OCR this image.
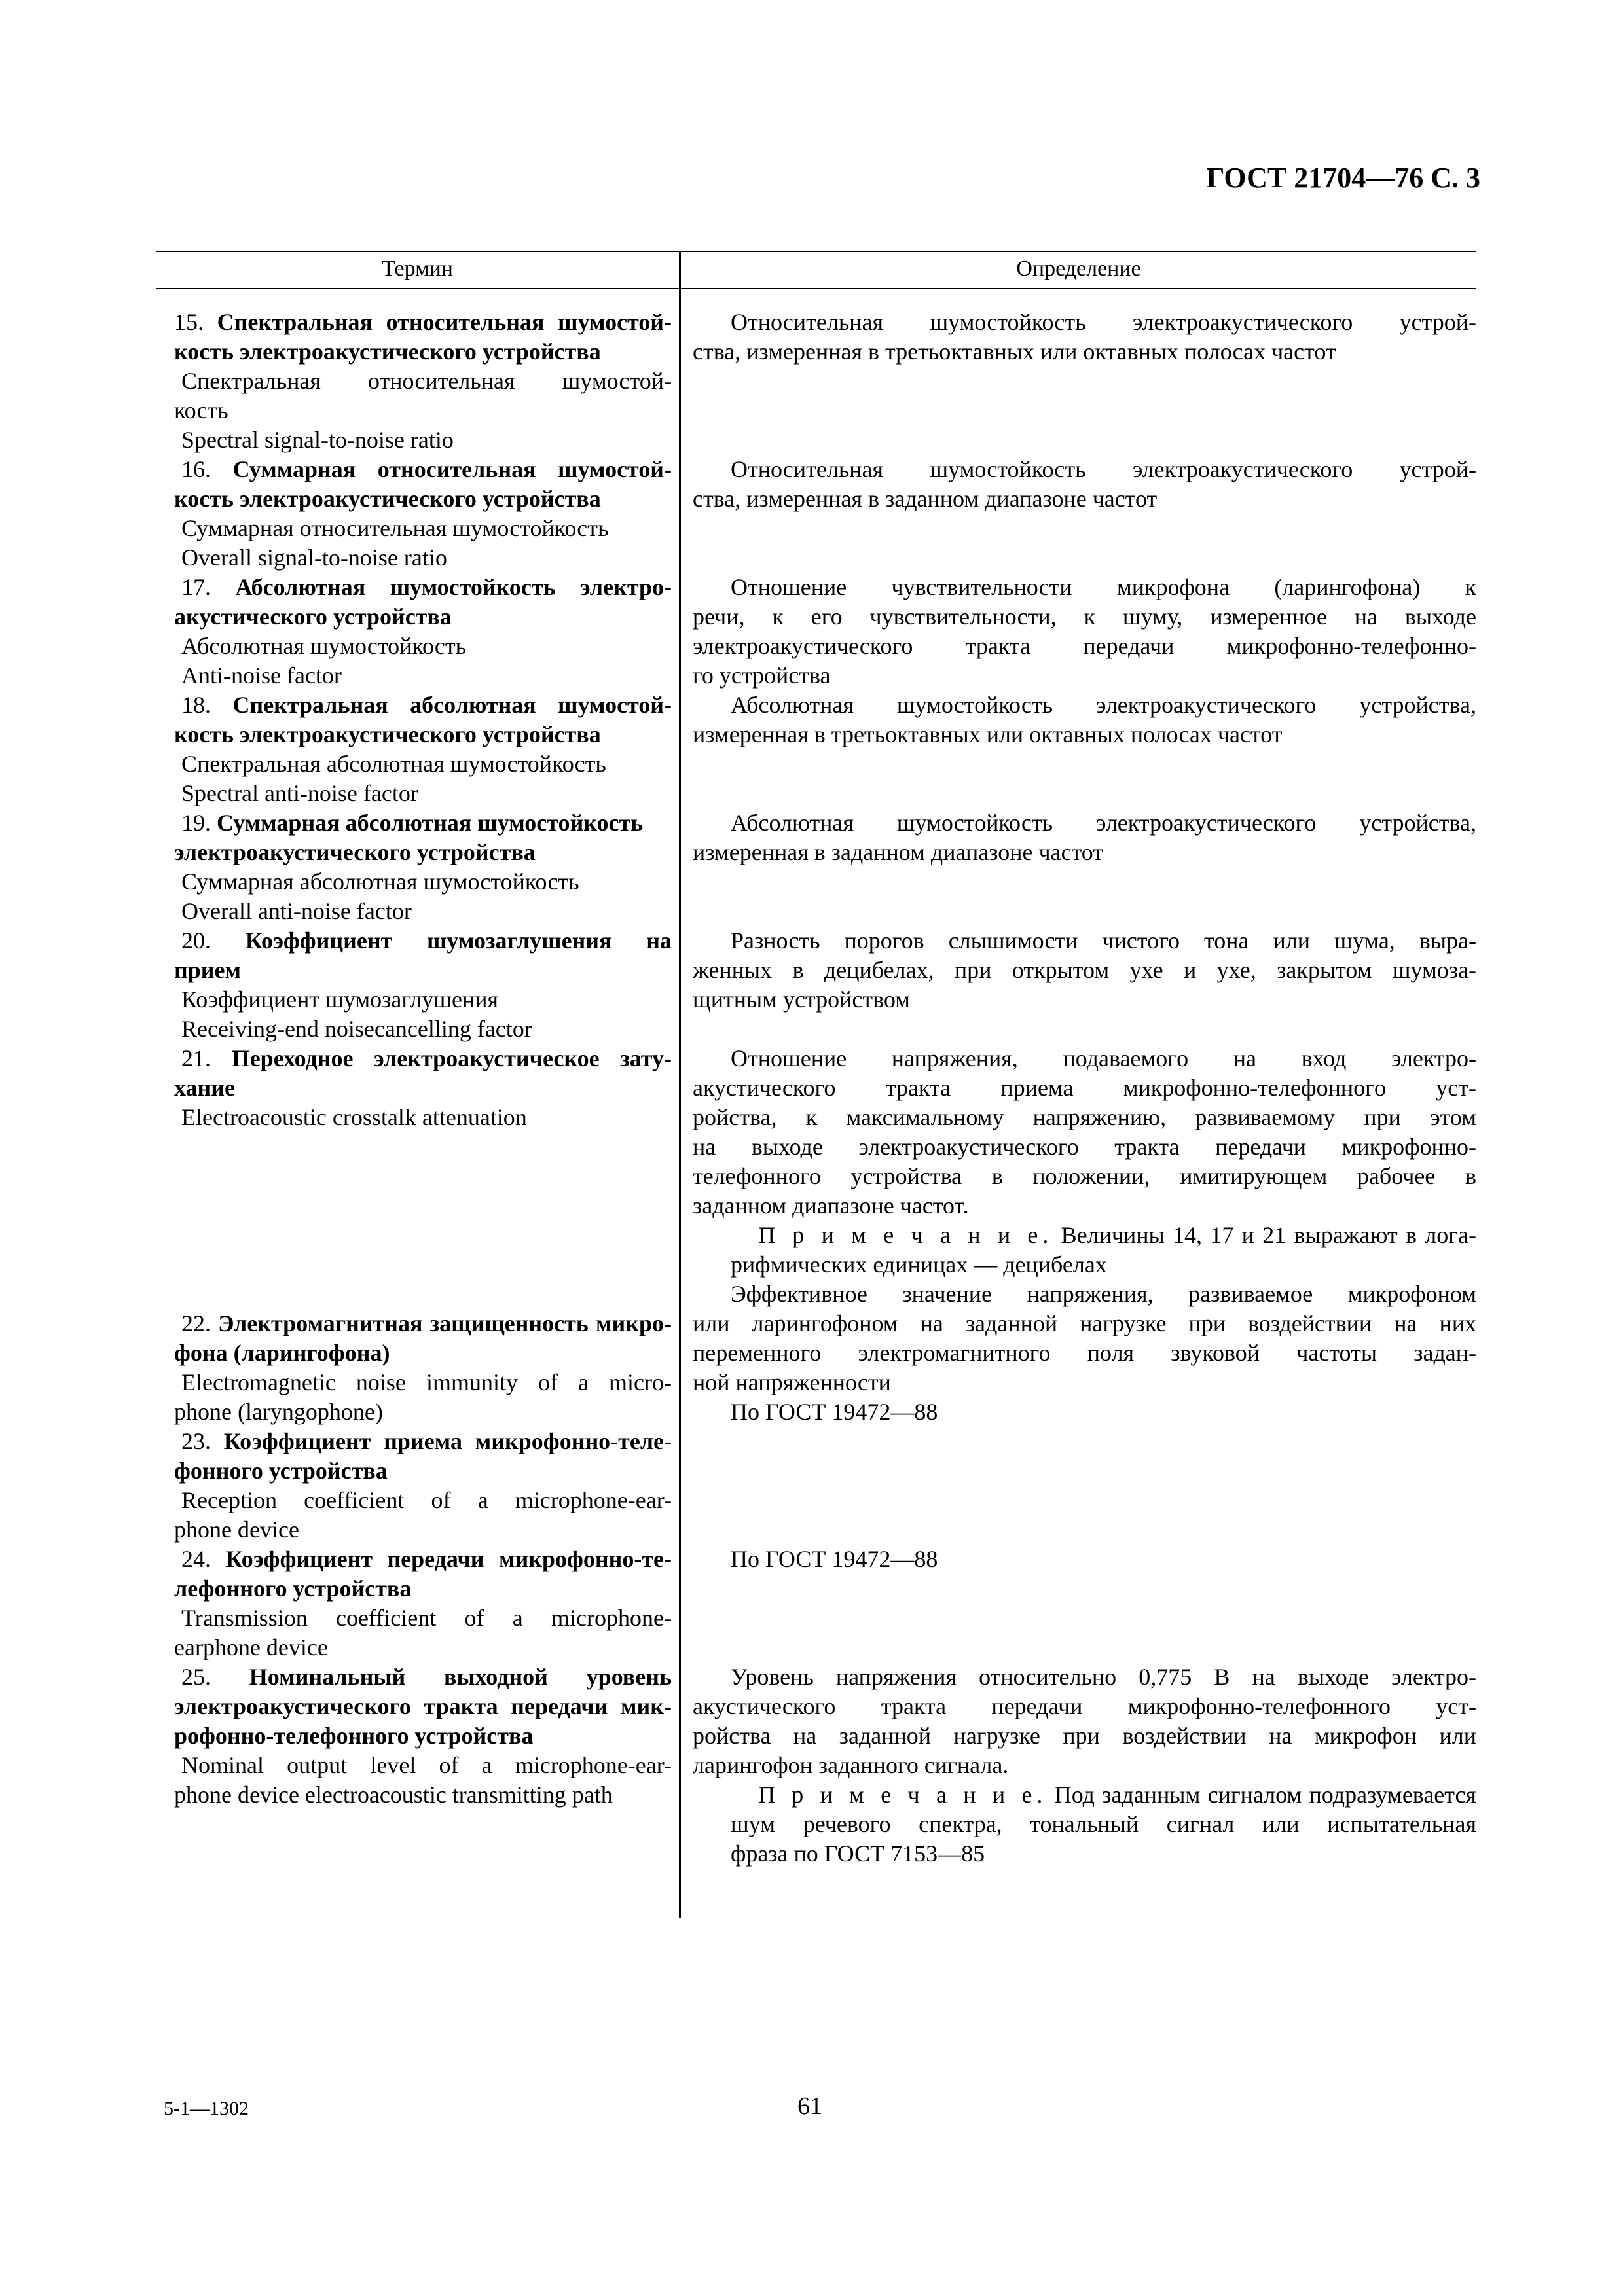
ГОСТ 21704—76 С. 3
Термин	Определение
15. Спектральная относительная шумостой-
кость электроакустического устройства
Спектральная относительная шумостой-
кость
Spectral signal-to-noise ratio
16. Суммарная относительная шумостой-
кость электроакустического устройства
Суммарная относительная шумостойкость
Overall signal-to-noise ratio
17. Абсолютная шумостойкость электро-
акустического устройства
Абсолютная шумостойкость
Anti-noise factor
18. Спектральная абсолютная шумостой-
кость электроакустического устройства
Спектральная абсолютная шумостойкость
Spectral anti-noise factor
19. Суммарная абсолютная шумостойкость
электроакустического устройства
Суммарная абсолютная шумостойкость
Overall anti-noise factor
20. Коэффициент шумозаглушения на
прием
Коэффициент шумозаглушения
Receiving-end noisecancelling factor
21. Переходное электроакустическое зату-
хание
Electroacoustic crosstalk attenuation
22. Электромагнитная защищенность микро-
фона (ларингофона)
Electromagnetic noise immunity of a micro-
phone (laryngophone)
23. Коэффициент приема микрофонно-теле-
фонного устройства
Reception coefficient of a microphone-ear-
phone device
24. Коэффициент передачи микрофонно-те-
лефонного устройства
Transmission coefficient of a microphone-
earphone device
25. Номинальный выходной уровень
электроакустического тракта передачи мик-
рофонно-телефонного устройства
Nominal output level of a microphone-ear-
phone device electroacoustic transmitting path
Относительная шумостойкость электроакустического устрой-
ства, измеренная в третьоктавных или октавных полосах частот
Относительная шумостойкость электроакустического устрой-
ства, измеренная в заданном диапазоне частот
Отношение чувствительности микрофона (ларингофона) к
речи, к его чувствительности, к шуму, измеренное на выходе
электроакустического тракта передачи микрофонно-телефонно-
го устройства
Абсолютная шумостойкость электроакустического устройства,
измеренная в третьоктавных или октавных полосах частот
Абсолютная шумостойкость электроакустического устройства,
измеренная в заданном диапазоне частот
Разность порогов слышимости чистого тона или шума, выра-
женных в децибелах, при открытом ухе и ухе, закрытом шумоза-
щитным устройством
Отношение напряжения, подаваемого на вход электро-
акустического тракта приема микрофонно-телефонного уст-
ройства, к максимальному напряжению, развиваемому при этом
на выходе электроакустического тракта передачи микрофонно-
телефонного устройства в положении, имитирующем рабочее в
заданном диапазоне частот.
П р и м е ч а н и е. Величины 14, 17 и 21 выражают в лога-
рифмических единицах — децибелах
Эффективное значение напряжения, развиваемое микрофоном
или ларингофоном на заданной нагрузке при воздействии на них
переменного электромагнитного поля звуковой частоты задан-
ной напряженности
По ГОСТ 19472—88
По ГОСТ 19472—88
Уровень напряжения относительно 0,775 В на выходе электро-
акустического тракта передачи микрофонно-телефонного уст-
ройства на заданной нагрузке при воздействии на микрофон или
ларингофон заданного сигнала.
П р и м е ч а н и е. Под заданным сигналом подразумевается
шум речевого спектра, тональный сигнал или испытательная
фраза по ГОСТ 7153—85
5-1—1302	61
